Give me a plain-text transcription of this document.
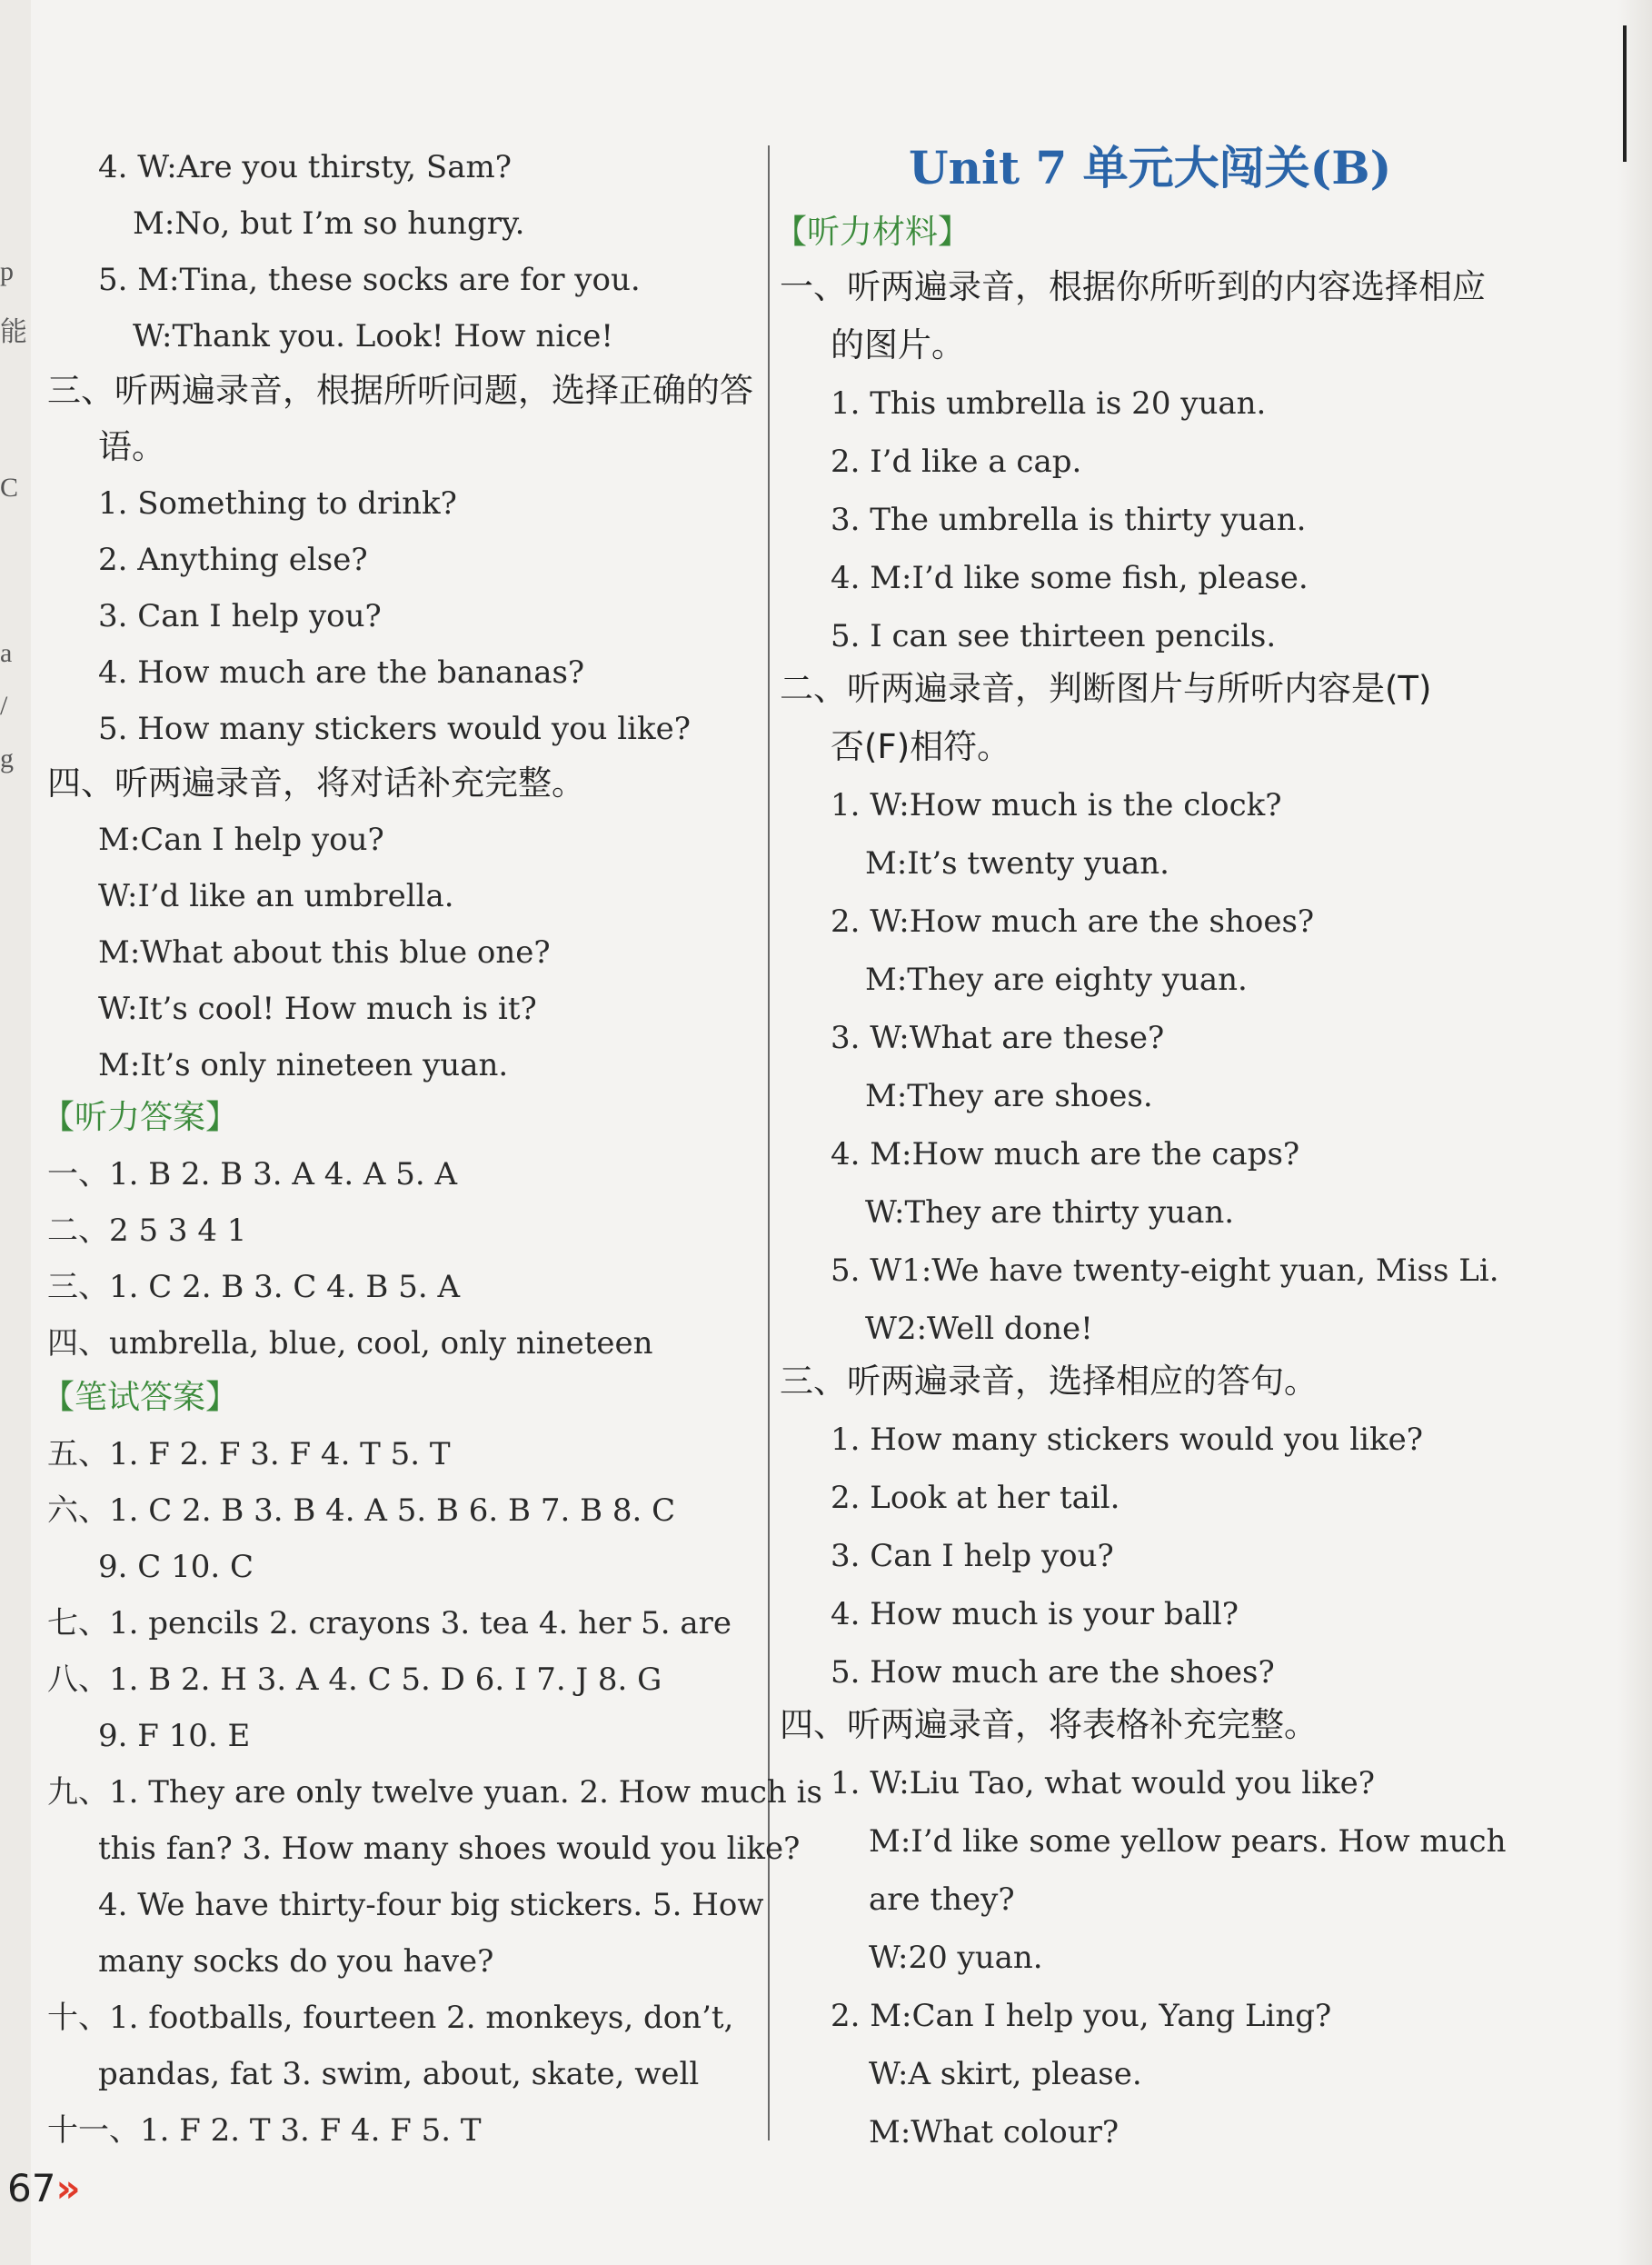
p
能
C
a
/
g
4. W:Are you thirsty, Sam?
M:No, but I’m so hungry.
5. M:Tina, these socks are for you.
W:Thank you. Look! How nice!
三、听两遍录音，根据所听问题，选择正确的答
语。
1. Something to drink?
2. Anything else?
3. Can I help you?
4. How much are the bananas?
5. How many stickers would you like?
四、听两遍录音，将对话补充完整。
M:Can I help you?
W:I’d like an umbrella.
M:What about this blue one?
W:It’s cool! How much is it?
M:It’s only nineteen yuan.
【听力答案】
一、1. B 2. B 3. A 4. A 5. A
二、2 5 3 4 1
三、1. C 2. B 3. C 4. B 5. A
四、umbrella, blue, cool, only nineteen
【笔试答案】
五、1. F 2. F 3. F 4. T 5. T
六、1. C 2. B 3. B 4. A 5. B 6. B 7. B 8. C
9. C 10. C
七、1. pencils 2. crayons 3. tea 4. her 5. are
八、1. B 2. H 3. A 4. C 5. D 6. I 7. J 8. G
9. F 10. E
九、1. They are only twelve yuan. 2. How much is
this fan? 3. How many shoes would you like?
4. We have thirty-four big stickers. 5. How
many socks do you have?
十、1. footballs, fourteen 2. monkeys, don’t,
pandas, fat 3. swim, about, skate, well
十一、1. F 2. T 3. F 4. F 5. T
Unit 7 单元大闯关(B)
【听力材料】
一、听两遍录音，根据你所听到的内容选择相应
的图片。
1. This umbrella is 20 yuan.
2. I’d like a cap.
3. The umbrella is thirty yuan.
4. M:I’d like some fish, please.
5. I can see thirteen pencils.
二、听两遍录音，判断图片与所听内容是(T)
否(F)相符。
1. W:How much is the clock?
M:It’s twenty yuan.
2. W:How much are the shoes?
M:They are eighty yuan.
3. W:What are these?
M:They are shoes.
4. M:How much are the caps?
W:They are thirty yuan.
5. W1:We have twenty-eight yuan, Miss Li.
W2:Well done!
三、听两遍录音，选择相应的答句。
1. How many stickers would you like?
2. Look at her tail.
3. Can I help you?
4. How much is your ball?
5. How much are the shoes?
四、听两遍录音，将表格补充完整。
1. W:Liu Tao, what would you like?
M:I’d like some yellow pears. How much
are they?
W:20 yuan.
2. M:Can I help you, Yang Ling?
W:A skirt, please.
M:What colour?
67»
